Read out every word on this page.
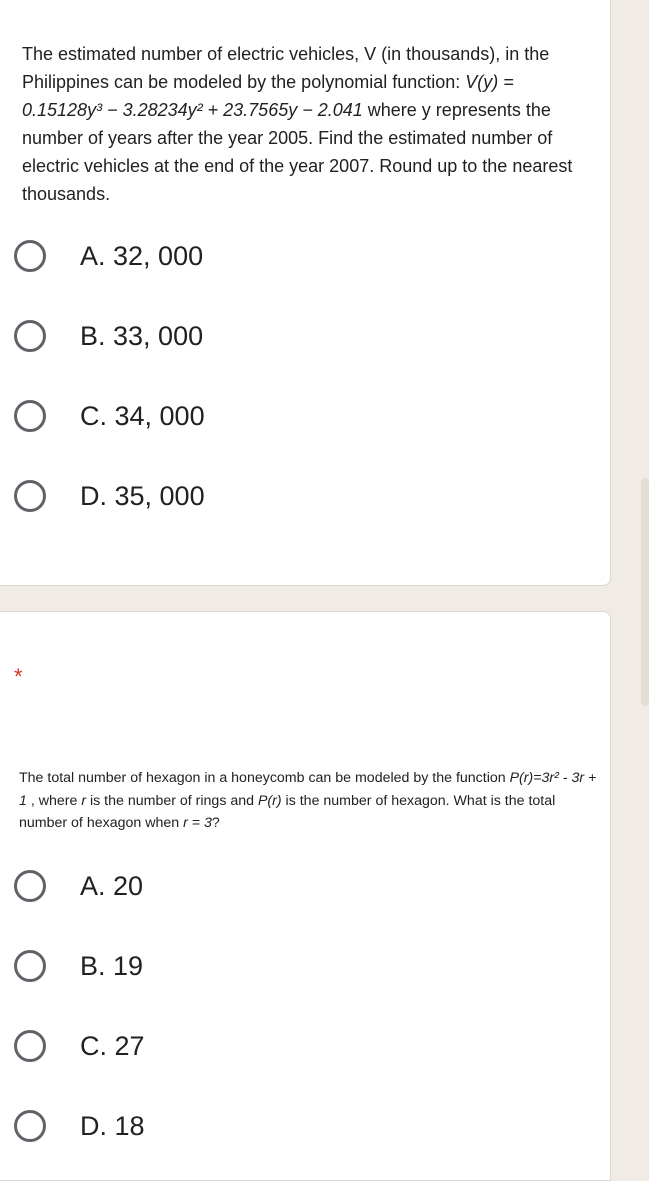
The estimated number of electric vehicles, V (in thousands), in the Philippines can be modeled by the polynomial function: V(y) = 0.15128y³ − 3.28234y² + 23.7565y − 2.041 where y represents the number of years after the year 2005. Find the estimated number of electric vehicles at the end of the year 2007. Round up to the nearest thousands.

A. 32, 000
B. 33, 000
C. 34, 000
D. 35, 000
*

The total number of hexagon in a honeycomb can be modeled by the function P(r)=3r² - 3r + 1 , where r is the number of rings and P(r) is the number of hexagon. What is the total number of hexagon when r = 3?

A. 20
B. 19
C. 27
D. 18
